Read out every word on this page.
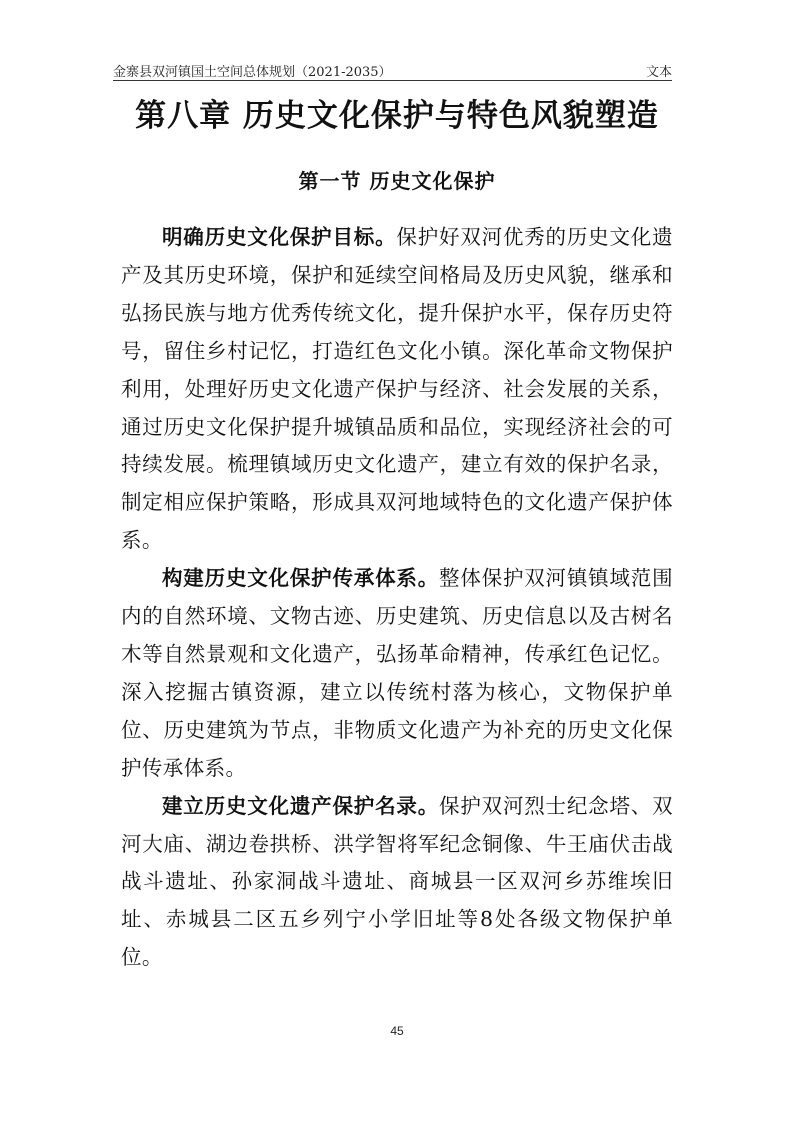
金寨县双河镇国土空间总体规划（2021-2035）	文本
第八章 历史文化保护与特色风貌塑造
第一节 历史文化保护

明确历史文化保护目标。保护好双河优秀的历史文化遗产及其历史环境，保护和延续空间格局及历史风貌，继承和弘扬民族与地方优秀传统文化，提升保护水平，保存历史符号，留住乡村记忆，打造红色文化小镇。深化革命文物保护利用，处理好历史文化遗产保护与经济、社会发展的关系，通过历史文化保护提升城镇品质和品位，实现经济社会的可持续发展。梳理镇域历史文化遗产，建立有效的保护名录，制定相应保护策略，形成具双河地域特色的文化遗产保护体系。

构建历史文化保护传承体系。整体保护双河镇镇域范围内的自然环境、文物古迹、历史建筑、历史信息以及古树名木等自然景观和文化遗产，弘扬革命精神，传承红色记忆。深入挖掘古镇资源，建立以传统村落为核心，文物保护单位、历史建筑为节点，非物质文化遗产为补充的历史文化保护传承体系。

建立历史文化遗产保护名录。保护双河烈士纪念塔、双河大庙、湖边卷拱桥、洪学智将军纪念铜像、牛王庙伏击战战斗遗址、孙家洞战斗遗址、商城县一区双河乡苏维埃旧址、赤城县二区五乡列宁小学旧址等8处各级文物保护单位。

45
